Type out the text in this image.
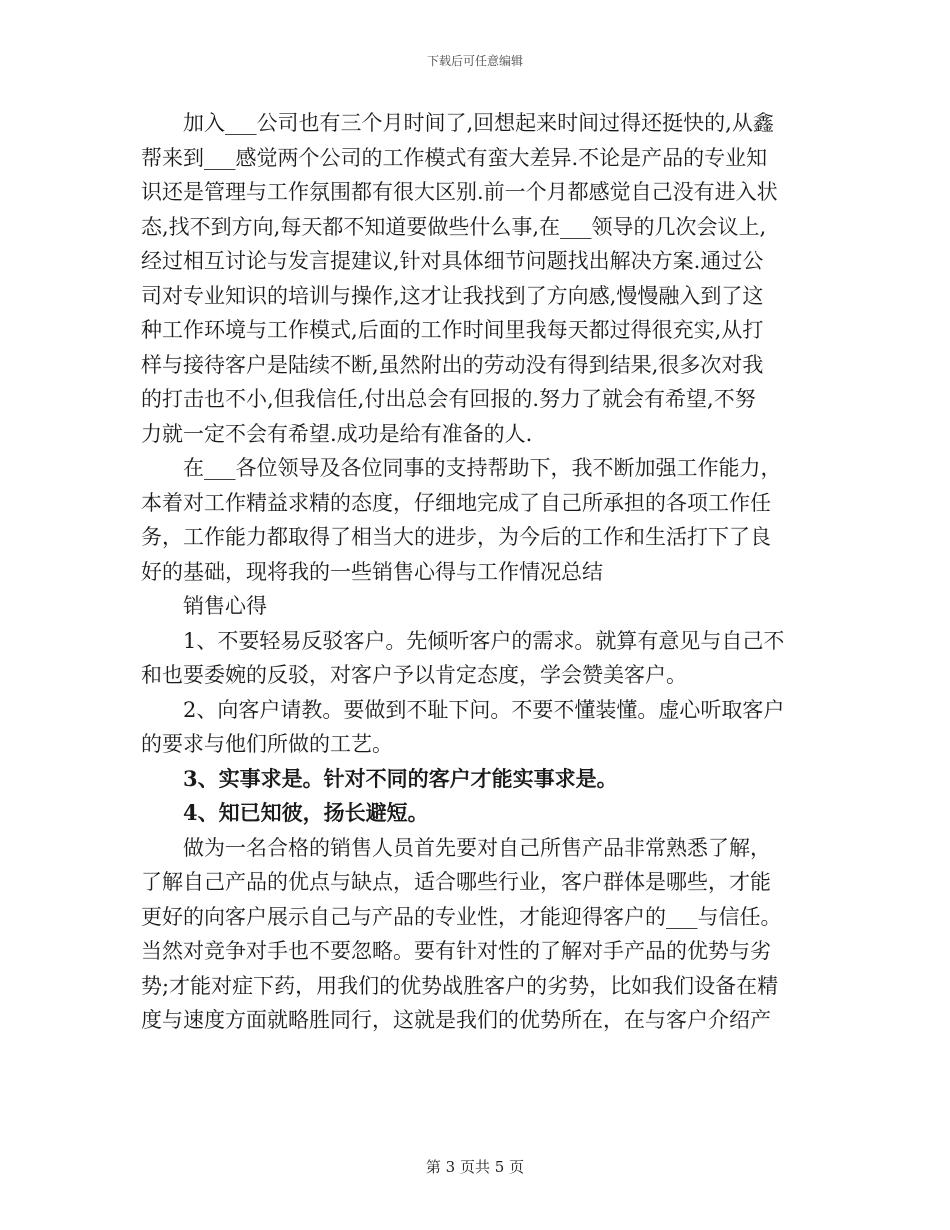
下载后可任意编辑
加入___公司也有三个月时间了,回想起来时间过得还挺快的,从鑫
帮来到___感觉两个公司的工作模式有蛮大差异.不论是产品的专业知
识还是管理与工作氛围都有很大区别.前一个月都感觉自己没有进入状
态,找不到方向,每天都不知道要做些什么事,在___领导的几次会议上,
经过相互讨论与发言提建议,针对具体细节问题找出解决方案.通过公
司对专业知识的培训与操作,这才让我找到了方向感,慢慢融入到了这
种工作环境与工作模式,后面的工作时间里我每天都过得很充实,从打
样与接待客户是陆续不断,虽然附出的劳动没有得到结果,很多次对我
的打击也不小,但我信任,付出总会有回报的.努力了就会有希望,不努
力就一定不会有希望.成功是给有准备的人.
在___各位领导及各位同事的支持帮助下，我不断加强工作能力，
本着对工作精益求精的态度，仔细地完成了自己所承担的各项工作任
务，工作能力都取得了相当大的进步，为今后的工作和生活打下了良
好的基础，现将我的一些销售心得与工作情况总结
销售心得
1、不要轻易反驳客户。先倾听客户的需求。就算有意见与自己不
和也要委婉的反驳，对客户予以肯定态度，学会赞美客户。
2、向客户请教。要做到不耻下问。不要不懂装懂。虚心听取客户
的要求与他们所做的工艺。
3、实事求是。针对不同的客户才能实事求是。
4、知已知彼，扬长避短。
做为一名合格的销售人员首先要对自己所售产品非常熟悉了解，
了解自己产品的优点与缺点，适合哪些行业，客户群体是哪些，才能
更好的向客户展示自己与产品的专业性，才能迎得客户的___与信任。
当然对竞争对手也不要忽略。要有针对性的了解对手产品的优势与劣
势;才能对症下药，用我们的优势战胜客户的劣势，比如我们设备在精
度与速度方面就略胜同行，这就是我们的优势所在，在与客户介绍产
第 3 页共 5 页
